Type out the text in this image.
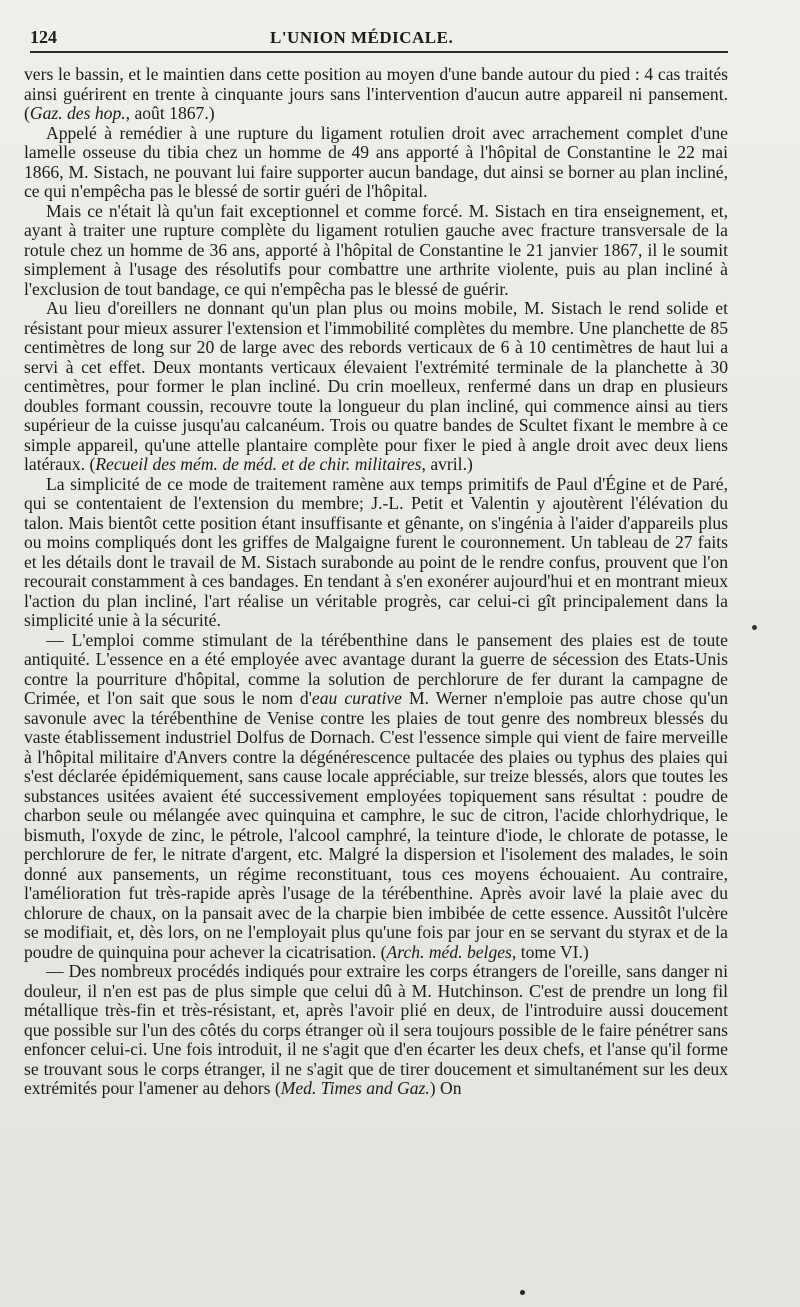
124	L'UNION MÉDICALE.

vers le bassin, et le maintien dans cette position au moyen d'une bande autour du pied : 4 cas traités ainsi guérirent en trente à cinquante jours sans l'intervention d'aucun autre appareil ni pansement. (Gaz. des hop., août 1867.)

Appelé à remédier à une rupture du ligament rotulien droit avec arrachement complet d'une lamelle osseuse du tibia chez un homme de 49 ans apporté à l'hôpital de Constantine le 22 mai 1866, M. Sistach, ne pouvant lui faire supporter aucun bandage, dut ainsi se borner au plan incliné, ce qui n'empêcha pas le blessé de sortir guéri de l'hôpital.

Mais ce n'était là qu'un fait exceptionnel et comme forcé. M. Sistach en tira enseignement, et, ayant à traiter une rupture complète du ligament rotulien gauche avec fracture transversale de la rotule chez un homme de 36 ans, apporté à l'hôpital de Constantine le 21 janvier 1867, il le soumit simplement à l'usage des résolutifs pour combattre une arthrite violente, puis au plan incliné à l'exclusion de tout bandage, ce qui n'empêcha pas le blessé de guérir.

Au lieu d'oreillers ne donnant qu'un plan plus ou moins mobile, M. Sistach le rend solide et résistant pour mieux assurer l'extension et l'immobilité complètes du membre. Une planchette de 85 centimètres de long sur 20 de large avec des rebords verticaux de 6 à 10 centimètres de haut lui a servi à cet effet. Deux montants verticaux élevaient l'extrémité terminale de la planchette à 30 centimètres, pour former le plan incliné. Du crin moelleux, renfermé dans un drap en plusieurs doubles formant coussin, recouvre toute la longueur du plan incliné, qui commence ainsi au tiers supérieur de la cuisse jusqu'au calcanéum. Trois ou quatre bandes de Scultet fixant le membre à ce simple appareil, qu'une attelle plantaire complète pour fixer le pied à angle droit avec deux liens latéraux. (Recueil des mém. de méd. et de chir. militaires, avril.)

La simplicité de ce mode de traitement ramène aux temps primitifs de Paul d'Égine et de Paré, qui se contentaient de l'extension du membre; J.-L. Petit et Valentin y ajoutèrent l'élévation du talon. Mais bientôt cette position étant insuffisante et gênante, on s'ingénia à l'aider d'appareils plus ou moins compliqués dont les griffes de Malgaigne furent le couronnement. Un tableau de 27 faits et les détails dont le travail de M. Sistach surabonde au point de le rendre confus, prouvent que l'on recourait constamment à ces bandages. En tendant à s'en exonérer aujourd'hui et en montrant mieux l'action du plan incliné, l'art réalise un véritable progrès, car celui-ci gît principalement dans la simplicité unie à la sécurité.

— L'emploi comme stimulant de la térébenthine dans le pansement des plaies est de toute antiquité. L'essence en a été employée avec avantage durant la guerre de sécession des Etats-Unis contre la pourriture d'hôpital, comme la solution de perchlorure de fer durant la campagne de Crimée, et l'on sait que sous le nom d'eau curative M. Werner n'emploie pas autre chose qu'un savonule avec la térébenthine de Venise contre les plaies de tout genre des nombreux blessés du vaste établissement industriel Dolfus de Dornach. C'est l'essence simple qui vient de faire merveille à l'hôpital militaire d'Anvers contre la dégénérescence pultacée des plaies ou typhus des plaies qui s'est déclarée épidémiquement, sans cause locale appréciable, sur treize blessés, alors que toutes les substances usitées avaient été successivement employées topiquement sans résultat : poudre de charbon seule ou mélangée avec quinquina et camphre, le suc de citron, l'acide chlorhydrique, le bismuth, l'oxyde de zinc, le pétrole, l'alcool camphré, la teinture d'iode, le chlorate de potasse, le perchlorure de fer, le nitrate d'argent, etc. Malgré la dispersion et l'isolement des malades, le soin donné aux pansements, un régime reconstituant, tous ces moyens échouaient. Au contraire, l'amélioration fut très-rapide après l'usage de la térébenthine. Après avoir lavé la plaie avec du chlorure de chaux, on la pansait avec de la charpie bien imbibée de cette essence. Aussitôt l'ulcère se modifiait, et, dès lors, on ne l'employait plus qu'une fois par jour en se servant du styrax et de la poudre de quinquina pour achever la cicatrisation. (Arch. méd. belges, tome VI.)

— Des nombreux procédés indiqués pour extraire les corps étrangers de l'oreille, sans danger ni douleur, il n'en est pas de plus simple que celui dû à M. Hutchinson. C'est de prendre un long fil métallique très-fin et très-résistant, et, après l'avoir plié en deux, de l'introduire aussi doucement que possible sur l'un des côtés du corps étranger où il sera toujours possible de le faire pénétrer sans enfoncer celui-ci. Une fois introduit, il ne s'agit que d'en écarter les deux chefs, et l'anse qu'il forme se trouvant sous le corps étranger, il ne s'agit que de tirer doucement et simultanément sur les deux extrémités pour l'amener au dehors (Med. Times and Gaz.) On
